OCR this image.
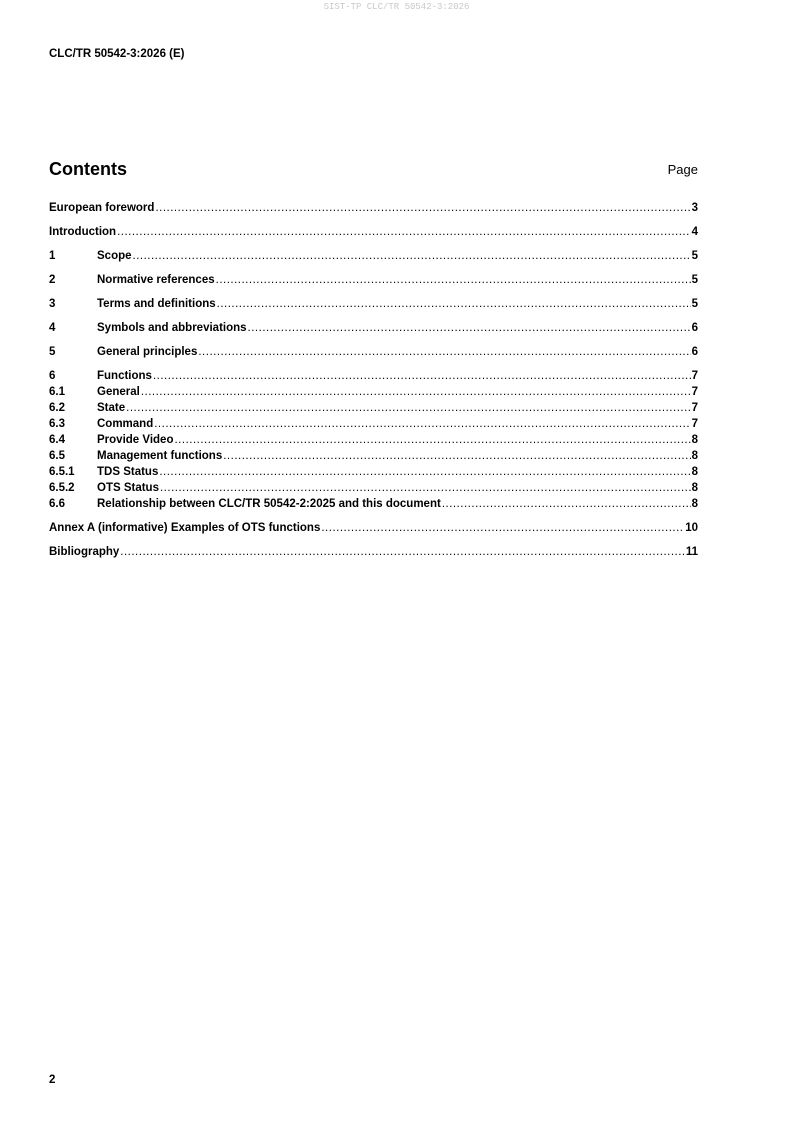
SIST-TP CLC/TR 50542-3:2026
CLC/TR 50542-3:2026 (E)
Contents	Page
European foreword .....	3
Introduction .....	4
1	Scope .....	5
2	Normative references .....	5
3	Terms and definitions .....	5
4	Symbols and abbreviations .....	6
5	General principles .....	6
6	Functions .....	7
6.1	General .....	7
6.2	State .....	7
6.3	Command .....	7
6.4	Provide Video .....	8
6.5	Management functions .....	8
6.5.1 TDS Status .....	8
6.5.2 OTS Status .....	8
6.6	Relationship between CLC/TR 50542-2:2025 and this document .....	8
Annex A (informative) Examples of OTS functions .....	10
Bibliography .....	11
2
